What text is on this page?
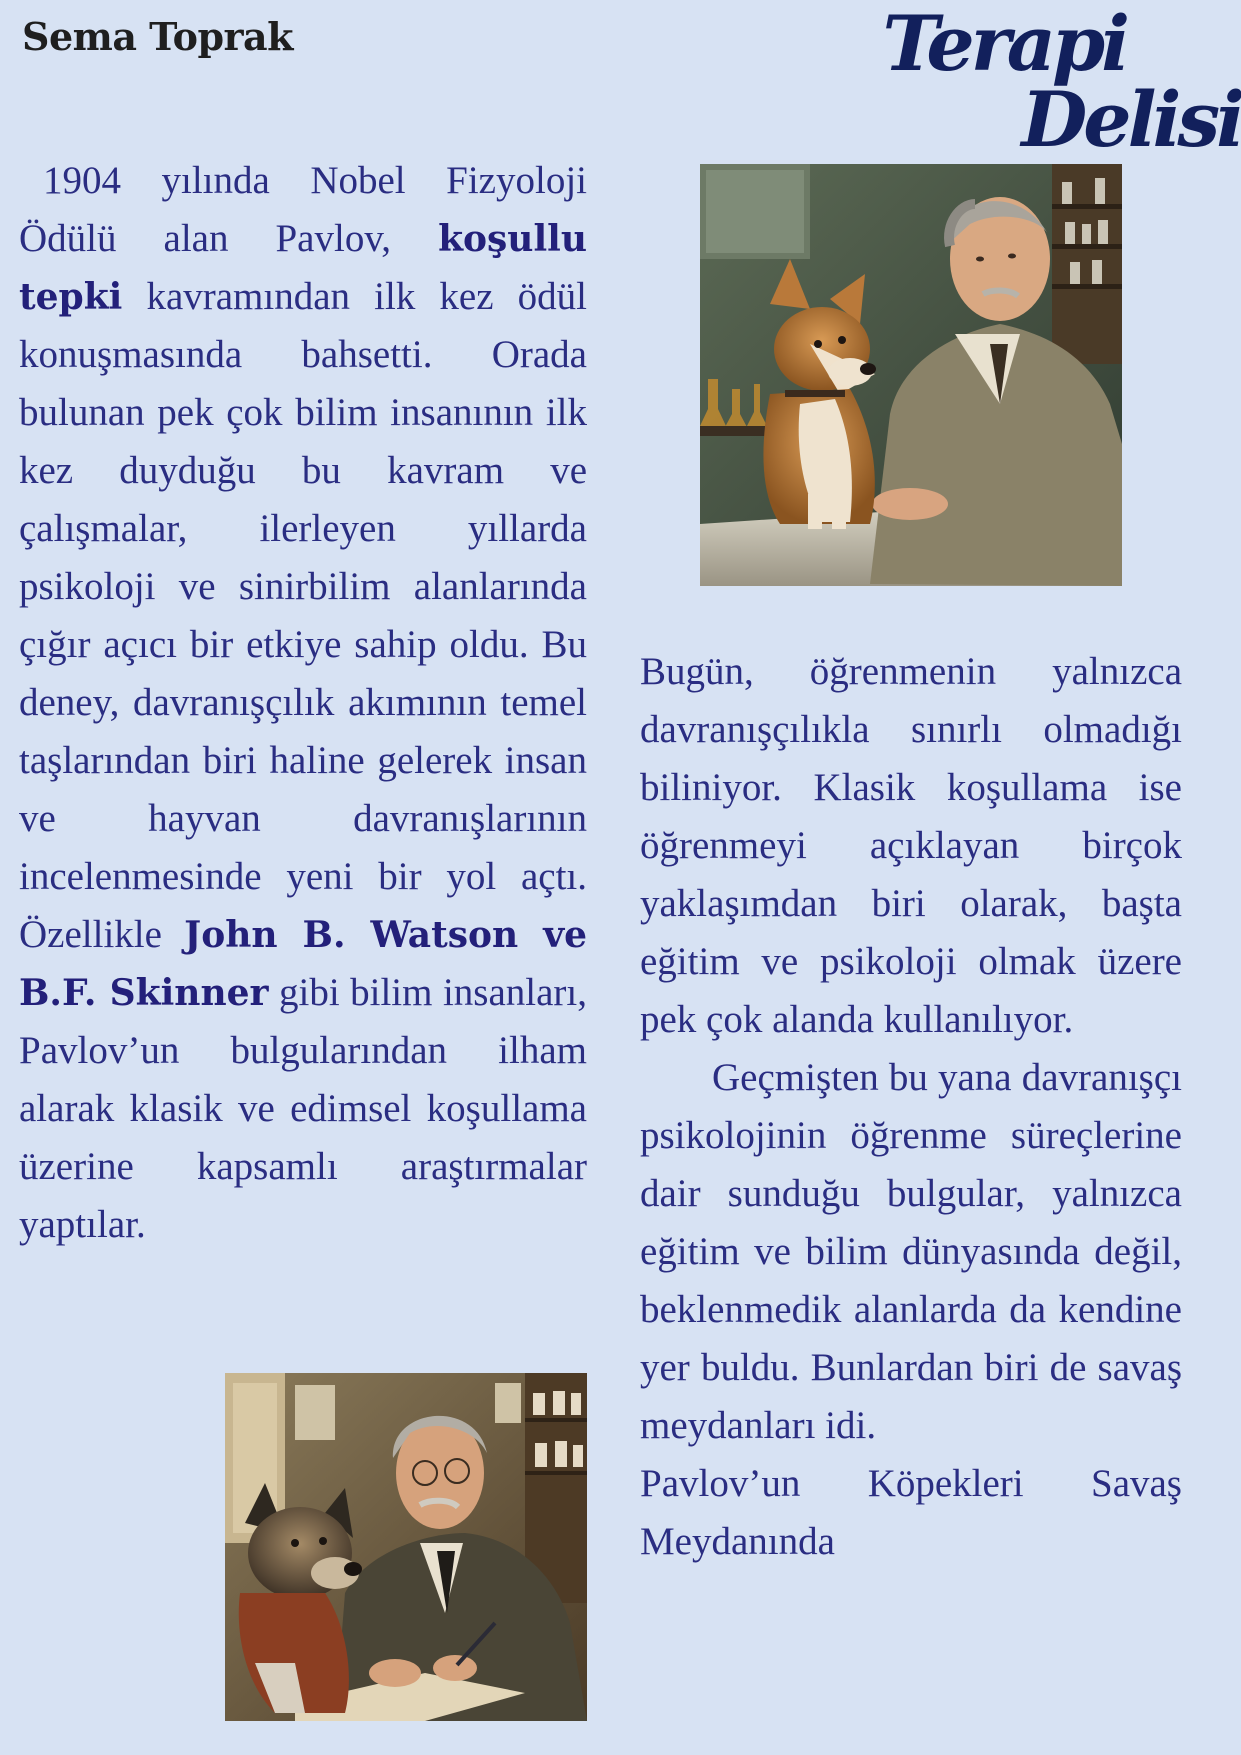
Sema Toprak	Terapi
Delisi
1904 yılında Nobel Fizyoloji Ödülü alan Pavlov, koşullu tepki kavramından ilk kez ödül konuşmasında bahsetti. Orada bulunan pek çok bilim insanının ilk kez duyduğu bu kavram ve çalışmalar, ilerleyen yıllarda psikoloji ve sinirbilim alanlarında çığır açıcı bir etkiye sahip oldu. Bu deney, davranışçılık akımının temel taşlarından biri haline gelerek insan ve hayvan davranışlarının incelenmesinde yeni bir yol açtı. Özellikle John B. Watson ve B.F. Skinner gibi bilim insanları, Pavlov’un bulgularından ilham alarak klasik ve edimsel koşullama üzerine kapsamlı araştırmalar yaptılar.

Bugün, öğrenmenin yalnızca davranışçılıkla sınırlı olmadığı biliniyor. Klasik koşullama ise öğrenmeyi açıklayan birçok yaklaşımdan biri olarak, başta eğitim ve psikoloji olmak üzere pek çok alanda kullanılıyor.

Geçmişten bu yana davranışçı psikolojinin öğrenme süreçlerine dair sunduğu bulgular, yalnızca eğitim ve bilim dünyasında değil, beklenmedik alanlarda da kendine yer buldu. Bunlardan biri de savaş meydanları idi.

Pavlov’un Köpekleri Savaş

Meydanında
